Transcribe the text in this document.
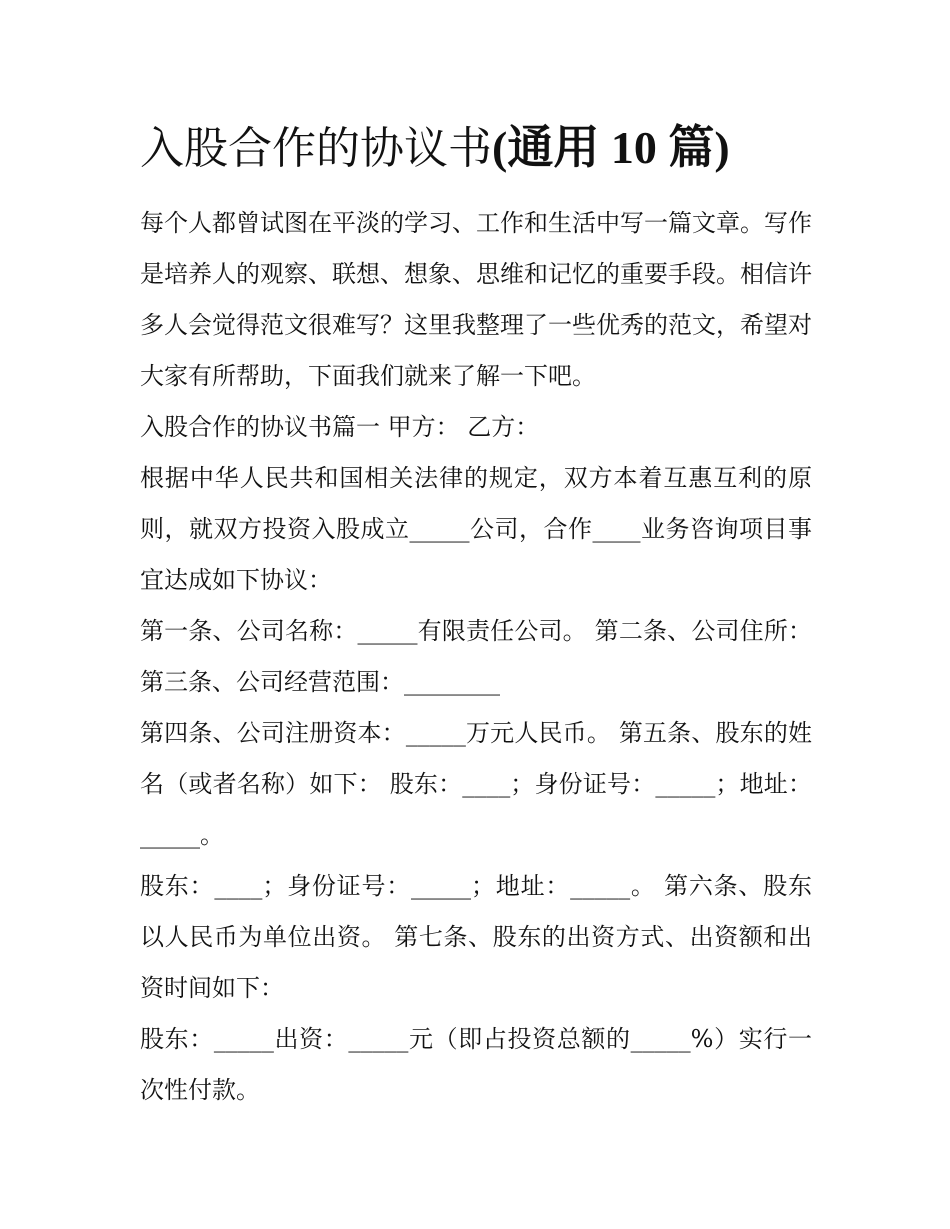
入股合作的协议书(通用 10 篇)

每个人都曾试图在平淡的学习、工作和生活中写一篇文章。写作是培养人的观察、联想、想象、思维和记忆的重要手段。相信许多人会觉得范文很难写？这里我整理了一些优秀的范文，希望对大家有所帮助，下面我们就来了解一下吧。

入股合作的协议书篇一 甲方： 乙方：

根据中华人民共和国相关法律的规定，双方本着互惠互利的原则，就双方投资入股成立_____公司，合作____业务咨询项目事宜达成如下协议：

第一条、公司名称：_____有限责任公司。 第二条、公司住所： 第三条、公司经营范围：________

第四条、公司注册资本：_____万元人民币。 第五条、股东的姓名（或者名称）如下： 股东：____；身份证号：_____；地址：_____。

股东：____；身份证号：_____；地址：_____。 第六条、股东以人民币为单位出资。 第七条、股东的出资方式、出资额和出资时间如下：

股东：_____出资：_____元（即占投资总额的_____%）实行一次性付款。
